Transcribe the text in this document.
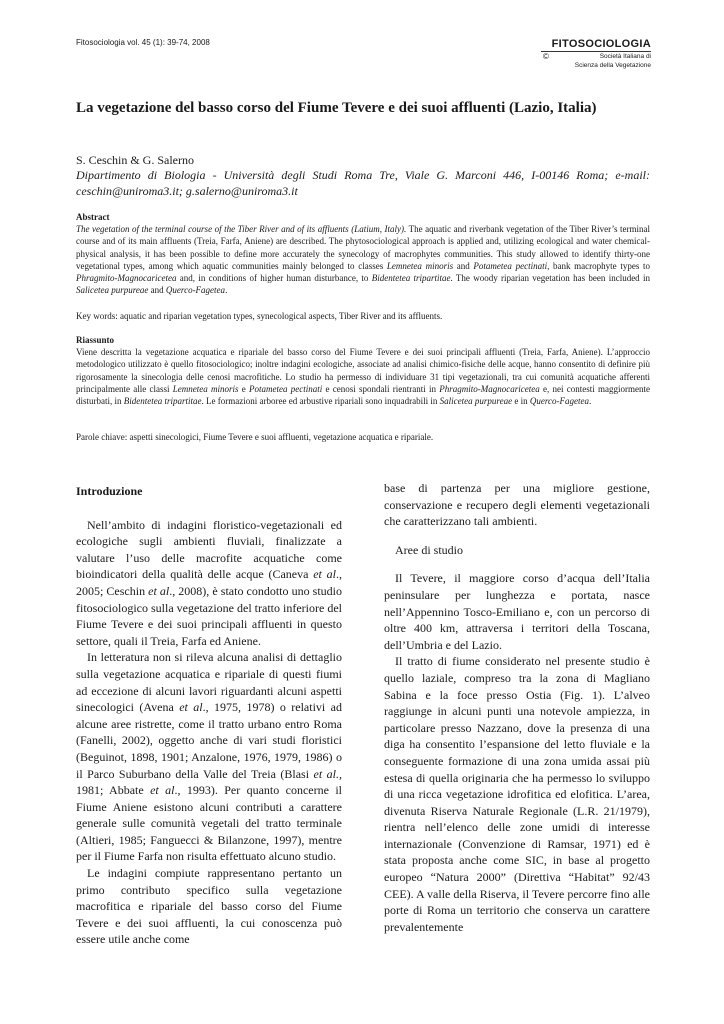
Fitosociologia vol. 45 (1): 39-74, 2008	FITOSOCIOLOGIA
©	Società Italiana di
Scienza della Vegetazione
La vegetazione del basso corso del Fiume Tevere e dei suoi affluenti (Lazio, Italia)
S. Ceschin & G. Salerno
Dipartimento di Biologia - Università degli Studi Roma Tre, Viale G. Marconi 446, I-00146 Roma; e-mail: ceschin@uniroma3.it; g.salerno@uniroma3.it
Abstract
The vegetation of the terminal course of the Tiber River and of its affluents (Latium, Italy). The aquatic and riverbank vegetation of the Tiber River’s terminal course and of its main affluents (Treia, Farfa, Aniene) are described. The phytosociological approach is applied and, utilizing ecological and water chemical-physical analysis, it has been possible to define more accurately the synecology of macrophytes communities. This study allowed to identify thirty-one vegetational types, among which aquatic communities mainly belonged to classes Lemnetea minoris and Potametea pectinati, bank macrophyte types to Phragmito-Magnocaricetea and, in conditions of higher human disturbance, to Bidentetea tripartitae. The woody riparian vegetation has been included in Salicetea purpureae and Querco-Fagetea.
Key words: aquatic and riparian vegetation types, synecological aspects, Tiber River and its affluents.
Riassunto
Viene descritta la vegetazione acquatica e ripariale del basso corso del Fiume Tevere e dei suoi principali affluenti (Treia, Farfa, Aniene). L’approccio metodologico utilizzato è quello fitosociologico; inoltre indagini ecologiche, associate ad analisi chimico-fisiche delle acque, hanno consentito di definire più rigorosamente la sinecologia delle cenosi macrofitiche. Lo studio ha permesso di individuare 31 tipi vegetazionali, tra cui comunità acquatiche afferenti principalmente alle classi Lemnetea minoris e Potametea pectinati e cenosi spondali rientranti in Phragmito-Magnocaricetea e, nei contesti maggiormente disturbati, in Bidentetea tripartitae. Le formazioni arboree ed arbustive ripariali sono inquadrabili in Salicetea purpureae e in Querco-Fagetea.
Parole chiave: aspetti sinecologici, Fiume Tevere e suoi affluenti, vegetazione acquatica e ripariale.
Introduzione

Nell’ambito di indagini floristico-vegetazionali ed ecologiche sugli ambienti fluviali, finalizzate a valutare l’uso delle macrofite acquatiche come bioindicatori della qualità delle acque (Caneva et al., 2005; Ceschin et al., 2008), è stato condotto uno studio fitosociologico sulla vegetazione del tratto inferiore del Fiume Tevere e dei suoi principali affluenti in questo settore, quali il Treia, Farfa ed Aniene.

In letteratura non si rileva alcuna analisi di dettaglio sulla vegetazione acquatica e ripariale di questi fiumi ad eccezione di alcuni lavori riguardanti alcuni aspetti sinecologici (Avena et al., 1975, 1978) o relativi ad alcune aree ristrette, come il tratto urbano entro Roma (Fanelli, 2002), oggetto anche di vari studi floristici (Beguinot, 1898, 1901; Anzalone, 1976, 1979, 1986) o il Parco Suburbano della Valle del Treia (Blasi et al., 1981; Abbate et al., 1993). Per quanto concerne il Fiume Aniene esistono alcuni contributi a carattere generale sulle comunità vegetali del tratto terminale (Altieri, 1985; Fanguecci & Bilanzone, 1997), mentre per il Fiume Farfa non risulta effettuato alcuno studio.

Le indagini compiute rappresentano pertanto un primo contributo specifico sulla vegetazione macrofitica e ripariale del basso corso del Fiume Tevere e dei suoi affluenti, la cui conoscenza può essere utile anche come

base di partenza per una migliore gestione, conservazione e recupero degli elementi vegetazionali che caratterizzano tali ambienti.

Aree di studio

Il Tevere, il maggiore corso d’acqua dell’Italia peninsulare per lunghezza e portata, nasce nell’Appennino Tosco-Emiliano e, con un percorso di oltre 400 km, attraversa i territori della Toscana, dell’Umbria e del Lazio.

Il tratto di fiume considerato nel presente studio è quello laziale, compreso tra la zona di Magliano Sabina e la foce presso Ostia (Fig. 1). L’alveo raggiunge in alcuni punti una notevole ampiezza, in particolare presso Nazzano, dove la presenza di una diga ha consentito l’espansione del letto fluviale e la conseguente formazione di una zona umida assai più estesa di quella originaria che ha permesso lo sviluppo di una ricca vegetazione idrofitica ed elofitica. L’area, divenuta Riserva Naturale Regionale (L.R. 21/1979), rientra nell’elenco delle zone umidi di interesse internazionale (Convenzione di Ramsar, 1971) ed è stata proposta anche come SIC, in base al progetto europeo “Natura 2000” (Direttiva “Habitat” 92/43 CEE). A valle della Riserva, il Tevere percorre fino alle porte di Roma un territorio che conserva un carattere prevalentemente
